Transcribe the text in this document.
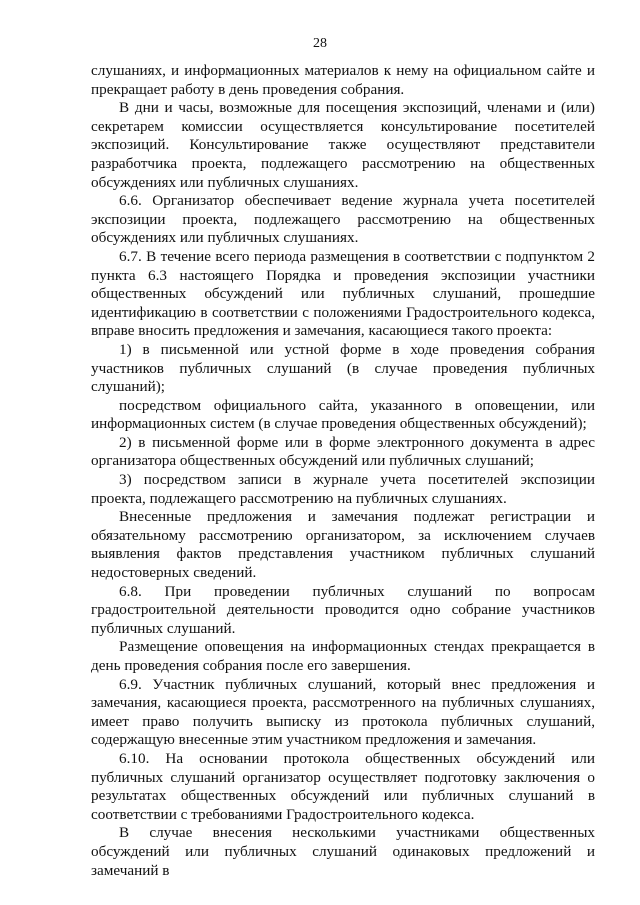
28

слушаниях, и информационных материалов к нему на официальном сайте и прекращает работу в день проведения собрания.

В дни и часы, возможные для посещения экспозиций, членами и (или) секретарем комиссии осуществляется консультирование посетителей экспозиций. Консультирование также осуществляют представители разработчика проекта, подлежащего рассмотрению на общественных обсуждениях или публичных слушаниях.

6.6. Организатор обеспечивает ведение журнала учета посетителей экспозиции проекта, подлежащего рассмотрению на общественных обсуждениях или публичных слушаниях.

6.7. В течение всего периода размещения в соответствии с подпунктом 2 пункта 6.3 настоящего Порядка и проведения экспозиции участники общественных обсуждений или публичных слушаний, прошедшие идентификацию в соответствии с положениями Градостроительного кодекса, вправе вносить предложения и замечания, касающиеся такого проекта:

1) в письменной или устной форме в ходе проведения собрания участников публичных слушаний (в случае проведения публичных слушаний);

посредством официального сайта, указанного в оповещении, или информационных систем (в случае проведения общественных обсуждений);

2) в письменной форме или в форме электронного документа в адрес организатора общественных обсуждений или публичных слушаний;

3) посредством записи в журнале учета посетителей экспозиции проекта, подлежащего рассмотрению на публичных слушаниях.

Внесенные предложения и замечания подлежат регистрации и обязательному рассмотрению организатором, за исключением случаев выявления фактов представления участником публичных слушаний недостоверных сведений.

6.8. При проведении публичных слушаний по вопросам градостроительной деятельности проводится одно собрание участников публичных слушаний.

Размещение оповещения на информационных стендах прекращается в день проведения собрания после его завершения.

6.9. Участник публичных слушаний, который внес предложения и замечания, касающиеся проекта, рассмотренного на публичных слушаниях, имеет право получить выписку из протокола публичных слушаний, содержащую внесенные этим участником предложения и замечания.

6.10. На основании протокола общественных обсуждений или публичных слушаний организатор осуществляет подготовку заключения о результатах общественных обсуждений или публичных слушаний в соответствии с требованиями Градостроительного кодекса.

В случае внесения несколькими участниками общественных обсуждений или публичных слушаний одинаковых предложений и замечаний в
